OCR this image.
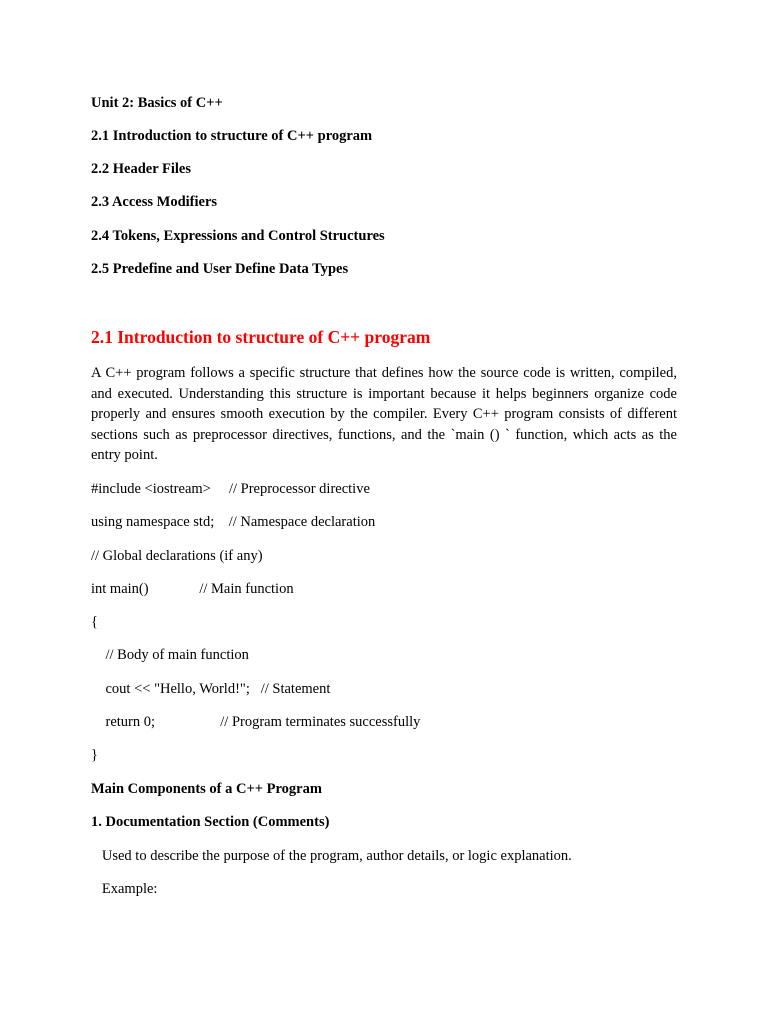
Unit 2: Basics of C++
2.1 Introduction to structure of C++ program
2.2 Header Files
2.3 Access Modifiers
2.4 Tokens, Expressions and Control Structures
2.5 Predefine and User Define Data Types
2.1 Introduction to structure of C++ program
A C++ program follows a specific structure that defines how the source code is written, compiled, and executed. Understanding this structure is important because it helps beginners organize code properly and ensures smooth execution by the compiler. Every C++ program consists of different sections such as preprocessor directives, functions, and the `main () ` function, which acts as the entry point.
#include <iostream>     // Preprocessor directive
using namespace std;    // Namespace declaration
// Global declarations (if any)
int main()              // Main function
{
// Body of main function
cout << "Hello, World!";   // Statement
return 0;                  // Program terminates successfully
}
Main Components of a C++ Program
1. Documentation Section (Comments)
Used to describe the purpose of the program, author details, or logic explanation.
Example:
